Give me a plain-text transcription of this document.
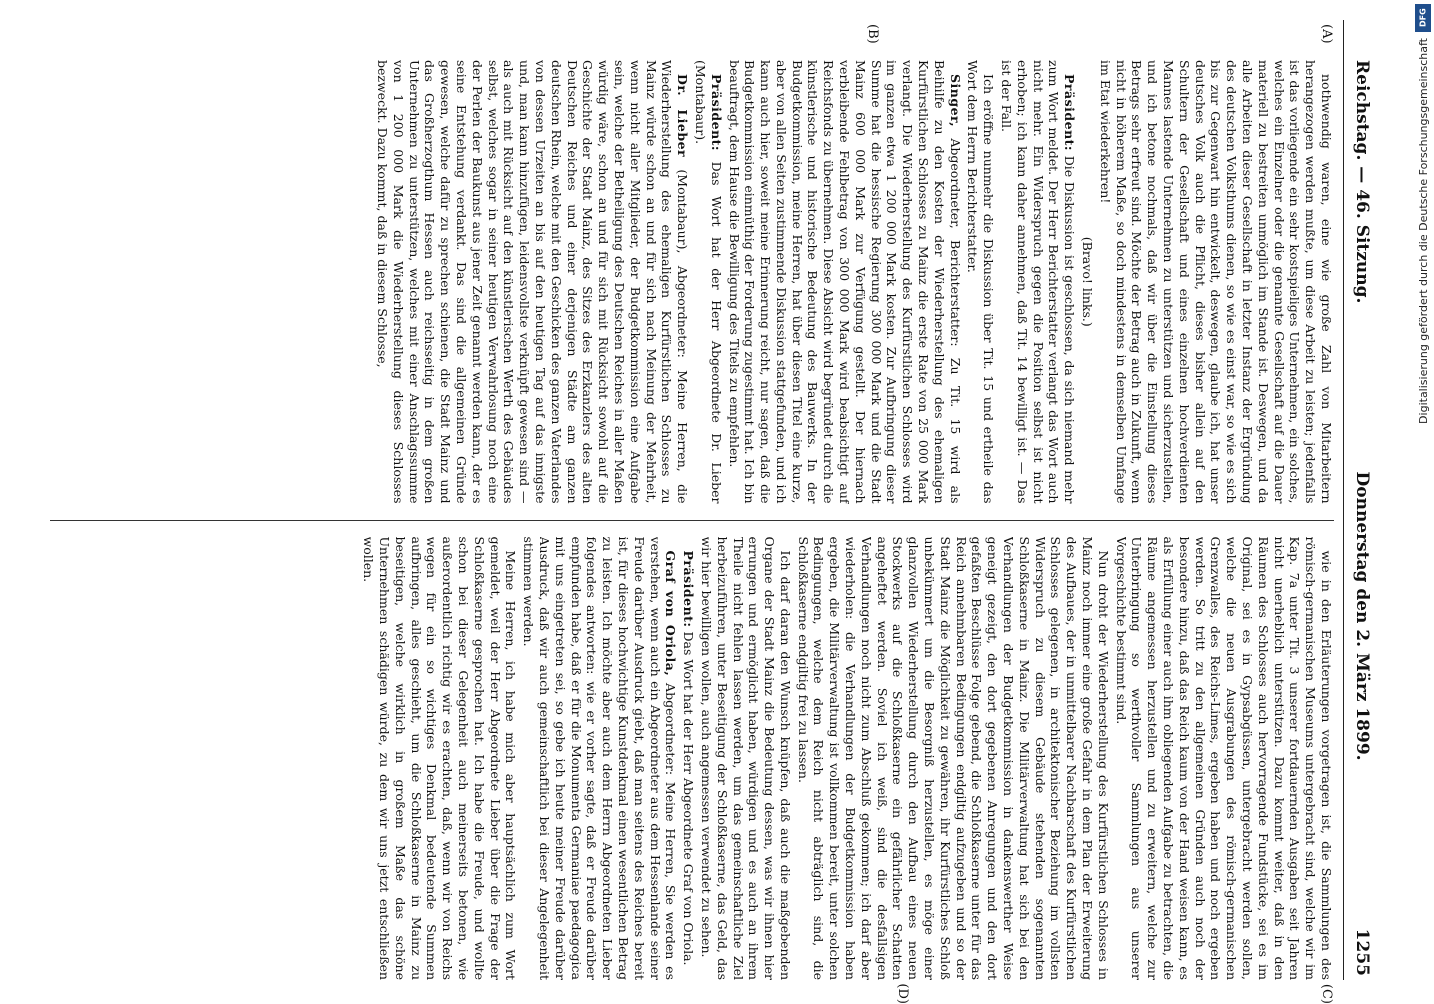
Reichstag. — 46. Sitzung.
Donnerstag den 2. März 1899.
1255
(A)
(B)
(C)
(D)

nothwendig waren, eine wie große Zahl von Mitarbeitern herangezogen werden mußte, um diese Arbeit zu leisten; jedenfalls ist das vorliegende ein sehr kostspieliges Unternehmen, ein solches, welches ein Einzelner oder die genannte Gesellschaft auf die Dauer materiell zu bestreiten unmöglich im Stande ist. Deswegen, und da alle Arbeiten dieser Gesellschaft in letzter Instanz der Ergründung des deutschen Volksthums dienen, so wie es einst war, so wie es sich bis zur Gegenwart hin entwickelt, deswegen, glaube ich, hat unser deutsches Volk auch die Pflicht, dieses bisher allein auf den Schultern der Gesellschaft und eines einzelnen hochverdienten Mannes lastende Unternehmen zu unterstützen und sicherzustellen, und ich betone nochmals, daß wir über die Einstellung dieses Betrags sehr erfreut sind. Möchte der Betrag auch in Zukunft, wenn nicht in höherem Maße, so doch mindestens in demselben Umfange im Etat wiederkehren!

(Bravo! links.)

Präsident: Die Diskussion ist geschlossen, da sich niemand mehr zum Wort meldet. Der Herr Berichterstatter verlangt das Wort auch nicht mehr. Ein Widerspruch gegen die Position selbst ist nicht erhoben; ich kann daher annehmen, daß Tit. 14 bewilligt ist. — Das ist der Fall.

Ich eröffne nunmehr die Diskussion über Tit. 15 und ertheile das Wort dem Herrn Berichterstatter.

Singer, Abgeordneter, Berichterstatter: Zu Tit. 15 wird als Beihilfe zu den Kosten der Wiederherstellung des ehemaligen Kurfürstlichen Schlosses zu Mainz die erste Rate von 25 000 Mark verlangt. Die Wiederherstellung des Kurfürstlichen Schlosses wird im ganzen etwa 1 200 000 Mark kosten. Zur Aufbringung dieser Summe hat die hessische Regierung 300 000 Mark und die Stadt Mainz 600 000 Mark zur Verfügung gestellt. Der hiernach verbleibende Fehlbetrag von 300 000 Mark wird beabsichtigt auf Reichsfonds zu übernehmen. Diese Absicht wird begründet durch die künstlerische und historische Bedeutung des Bauwerks. In der Budgetkommission, meine Herren, hat über diesen Titel eine kurze, aber von allen Seiten zustimmende Diskussion stattgefunden, und ich kann auch hier, soweit meine Erinnerung reicht, nur sagen, daß die Budgetkommission einmüthig der Forderung zugestimmt hat. Ich bin beauftragt, dem Hause die Bewilligung des Titels zu empfehlen.

Präsident: Das Wort hat der Herr Abgeordnete Dr. Lieber (Montabaur).

Dr. Lieber (Montabaur), Abgeordneter: Meine Herren, die Wiederherstellung des ehemaligen Kurfürstlichen Schlosses zu Mainz würde schon an und für sich nach Meinung der Mehrheit, wenn nicht aller Mitglieder, der Budgetkommission eine Aufgabe sein, welche der Betheiligung des Deutschen Reiches in aller Maßen würdig wäre, schon an und für sich mit Rücksicht sowohl auf die Geschichte der Stadt Mainz, des Sitzes des Erzkanzlers des alten Deutschen Reiches und einer derjenigen Städte am ganzen deutschen Rhein, welche mit den Geschicken des ganzen Vaterlandes von dessen Urzeiten an bis auf den heutigen Tag auf das innigste und, man kann hinzufügen, leidensvollste verknüpft gewesen sind — als auch mit Rücksicht auf den künstlerischen Werth des Gebäudes selbst, welches sogar in seiner heutigen Verwahrlosung noch eine der Perlen der Baukunst aus jener Zeit genannt werden kann, der es seine Entstehung verdankt. Das sind die allgemeinen Gründe gewesen, welche dafür zu sprechen schienen, die Stadt Mainz und das Großherzogthum Hessen auch reichsseitig in dem großen Unternehmen zu unterstützen, welches mit einer Anschlagssumme von 1 200 000 Mark die Wiederherstellung dieses Schlosses bezweckt. Dazu kommt, daß in diesem Schlosse,

wie in den Erläuterungen vorgetragen ist, die Sammlungen des römisch-germanischen Museums untergebracht sind, welche wir im Kap. 7a unter Tit. 3 unserer fortdauernden Ausgaben seit Jahren nicht unerheblich unterstützen. Dazu kommt weiter, daß in den Räumen des Schlosses auch hervorragende Fundstücke, sei es im Original, sei es in Gypsabgüssen, untergebracht werden sollen, welche die neuen Ausgrabungen des römisch-germanischen Grenzwalles, des Reichs-Limes, ergeben haben und noch ergeben werden. So tritt zu den allgemeinen Gründen auch noch der besondere hinzu, daß das Reich kaum von der Hand weisen kann, es als Erfüllung einer auch ihm obliegenden Aufgabe zu betrachten, die Räume angemessen herzustellen und zu erweitern, welche zur Unterbringung so werthvoller Sammlungen aus unserer Vorgeschichte bestimmt sind.

Nun droht der Wiederherstellung des Kurfürstlichen Schlosses in Mainz noch immer eine große Gefahr in dem Plan der Erweiterung des Aufbaues, der in unmittelbarer Nachbarschaft des Kurfürstlichen Schlosses gelegenen, in architektonischer Beziehung im vollsten Widerspruch zu diesem Gebäude stehenden sogenannten Schloßkaserne in Mainz. Die Militärverwaltung hat sich bei den Verhandlungen der Budgetkommission in dankenswerther Weise geneigt gezeigt, den dort gegebenen Anregungen und den dort gefaßten Beschlüsse Folge gebend, die Schloßkaserne unter für das Reich annehmbaren Bedingungen endgiltig aufzugeben und so der Stadt Mainz die Möglichkeit zu gewähren, ihr Kurfürstliches Schloß unbekümmert um die Besorgniß herzustellen, es möge einer glanzvollen Wiederherstellung durch den Aufbau eines neuen Stockwerks auf die Schloßkaserne ein gefährlicher Schatten angeheftet werden. Soviel ich weiß, sind die desfallsigen Verhandlungen noch nicht zum Abschluß gekommen; ich darf aber wiederholen: die Verhandlungen der Budgetkommission haben ergeben, die Militärverwaltung ist vollkommen bereit, unter solchen Bedingungen, welche dem Reich nicht abträglich sind, die Schloßkaserne endgiltig frei zu lassen.

Ich darf daran den Wunsch knüpfen, daß auch die maßgebenden Organe der Stadt Mainz die Bedeutung dessen, was wir ihnen hier errungen und ermöglicht haben, würdigen und es auch an ihrem Theile nicht fehlen lassen werden, um das gemeinschaftliche Ziel herbeizuführen, unter Beseitigung der Schloßkaserne, das Geld, das wir hier bewilligen wollen, auch angemessen verwendet zu sehen.

Präsident: Das Wort hat der Herr Abgeordnete Graf von Oriola.

Graf von Oriola, Abgeordneter: Meine Herren, Sie werden es verstehen, wenn auch ein Abgeordneter aus dem Hessenlande seiner Freude darüber Ausdruck giebt, daß man seitens des Reiches bereit ist, für dieses hochwichtige Kunstdenkmal einen wesentlichen Betrag zu leisten. Ich möchte aber auch dem Herrn Abgeordneten Lieber folgendes antworten: wie er vorher sagte, daß er Freude darüber empfunden habe, daß er für die Monumenta Germaniae paedagogica mit uns eingetreten sei, so gebe ich heute meiner Freude darüber Ausdruck, daß wir auch gemeinschaftlich bei dieser Angelegenheit stimmen werden.

Meine Herren, ich habe mich aber hauptsächlich zum Wort gemeldet, weil der Herr Abgeordnete Lieber über die Frage der Schloßkaserne gesprochen hat. Ich habe die Freude, und wollte schon bei dieser Gelegenheit auch meinerseits betonen, wie außerordentlich richtig wir es erachten, daß, wenn wir von Reichs wegen für ein so wichtiges Denkmal bedeutende Summen aufbringen, alles geschieht, um die Schloßkaserne in Mainz zu beseitigen, welche wirklich in großem Maße das schöne Unternehmen schädigen würde, zu dem wir uns jetzt entschließen wollen.

DFG
Digitalisierung gefördert durch die Deutsche Forschungsgemeinschaft
